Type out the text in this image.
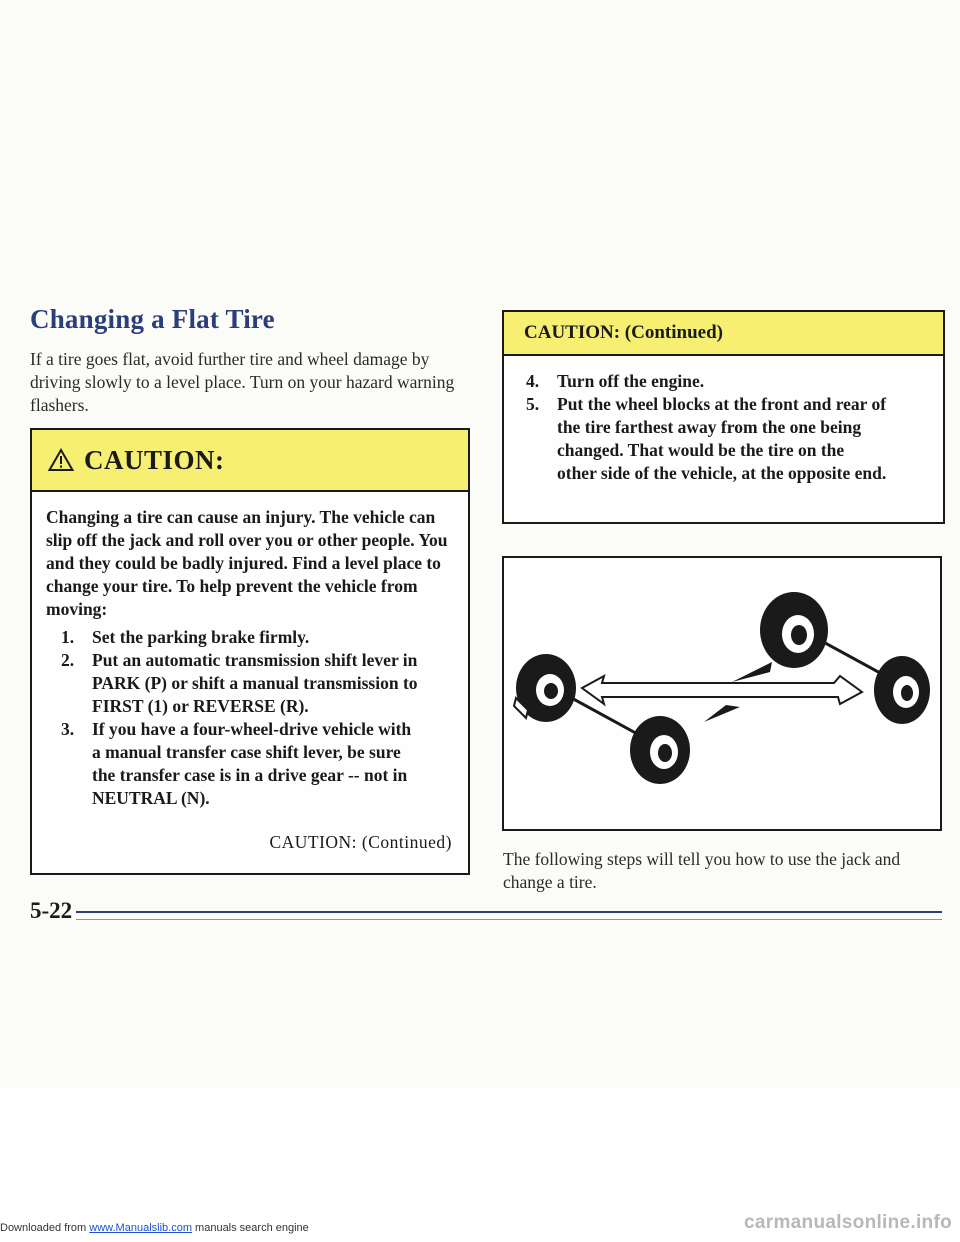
Changing a Flat Tire

If a tire goes flat, avoid further tire and wheel damage by driving slowly to a level place. Turn on your hazard warning flashers.

CAUTION:

Changing a tire can cause an injury. The vehicle can slip off the jack and roll over you or other people. You and they could be badly injured. Find a level place to change your tire. To help prevent the vehicle from moving:

1.	Set the parking brake firmly.
2.	Put an automatic transmission shift lever in PARK (P) or shift a manual transmission to FIRST (1) or REVERSE (R).
3.	If you have a four-wheel-drive vehicle with a manual transfer case shift lever, be sure the transfer case is in a drive gear -- not in NEUTRAL (N).
CAUTION: (Continued)
CAUTION: (Continued)
4.	Turn off the engine.
5.	Put the wheel blocks at the front and rear of the tire farthest away from the one being changed. That would be the tire on the other side of the vehicle, at the opposite end.

The following steps will tell you how to use the jack and change a tire.

5-22
Downloaded from www.Manualslib.com manuals search engine	carmanualsonline.info
